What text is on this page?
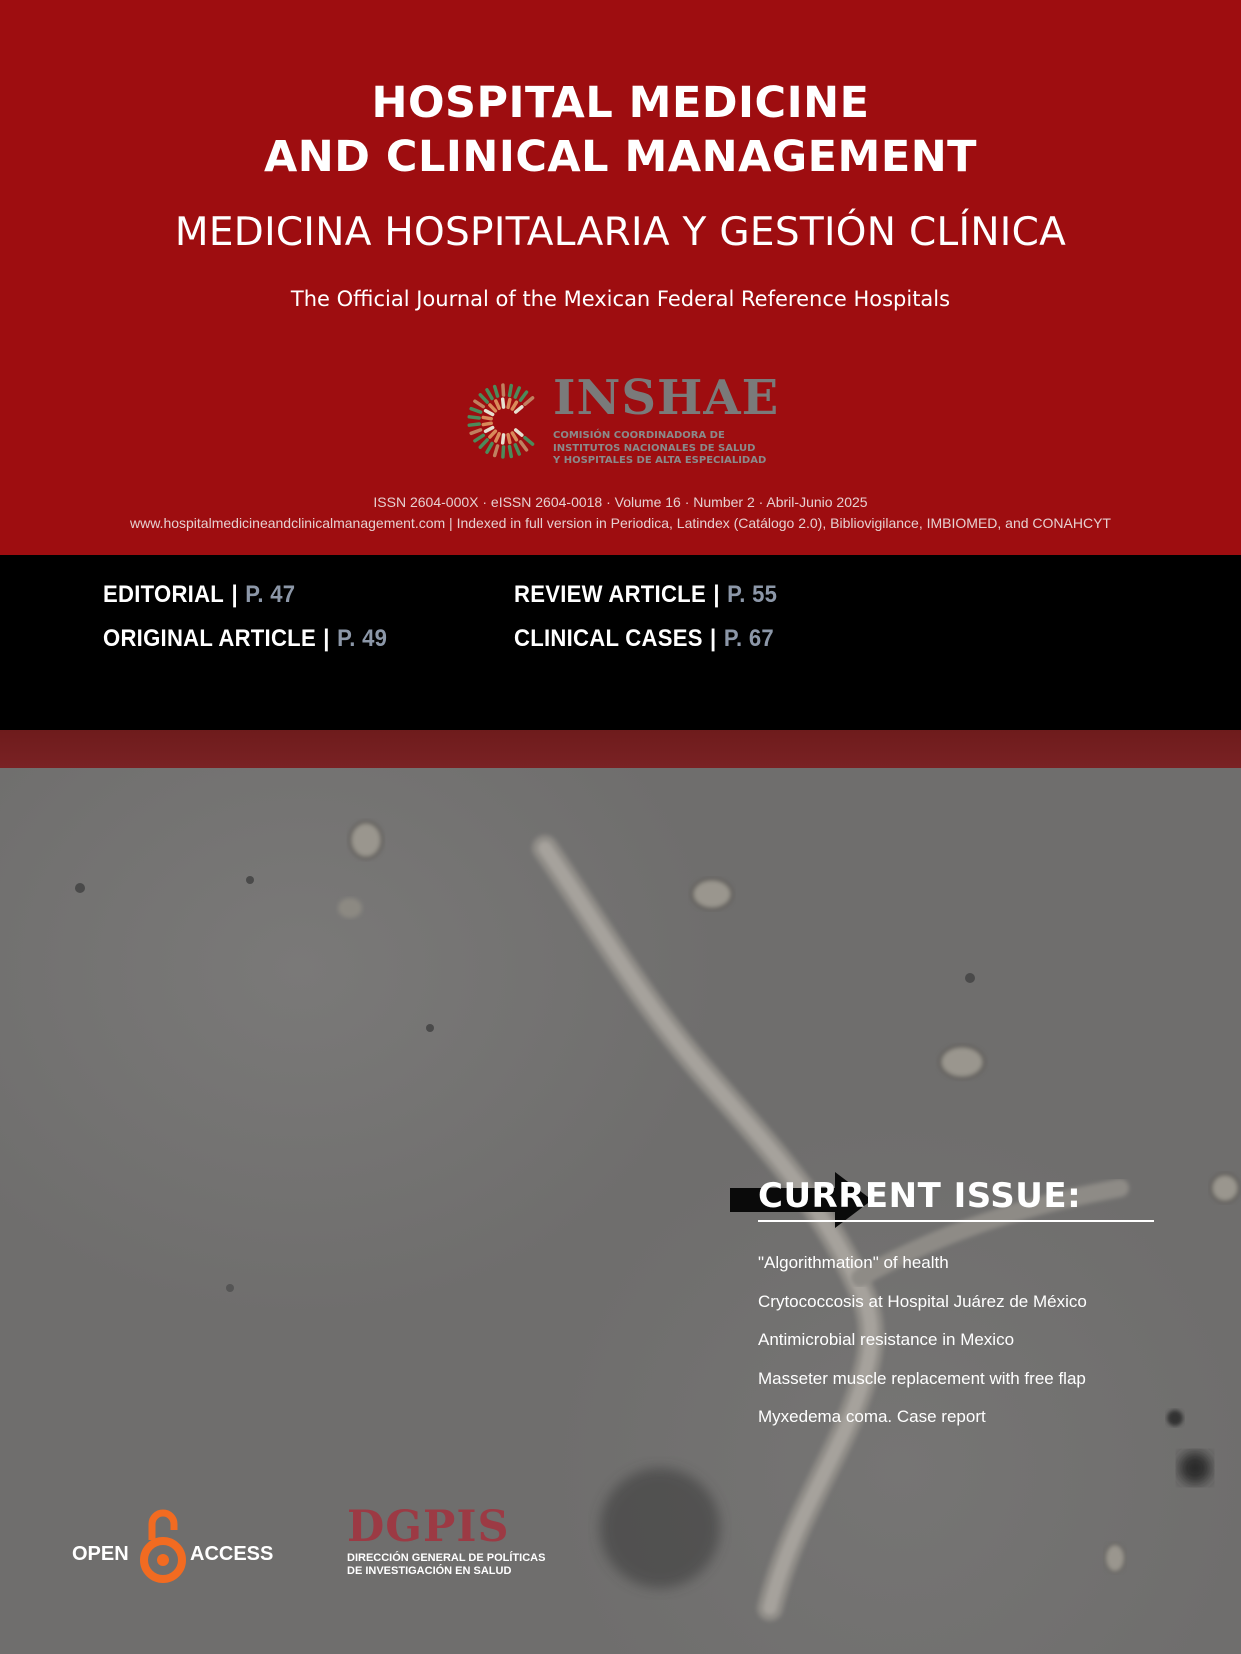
HOSPITAL MEDICINE
AND CLINICAL MANAGEMENT
MEDICINA HOSPITALARIA Y GESTIÓN CLÍNICA
The Official Journal of the Mexican Federal Reference Hospitals
INSHAE
COMISIÓN COORDINADORA DE
INSTITUTOS NACIONALES DE SALUD
Y HOSPITALES DE ALTA ESPECIALIDAD
ISSN 2604-000X · eISSN 2604-0018 · Volume 16 · Number 2 · Abril-Junio 2025
www.hospitalmedicineandclinicalmanagement.com | Indexed in full version in Periodica, Latindex (Catálogo 2.0), Bibliovigilance, IMBIOMED, and CONAHCYT
EDITORIAL | P. 47
ORIGINAL ARTICLE | P. 49
REVIEW ARTICLE | P. 55
CLINICAL CASES | P. 67
CURRENT ISSUE:
"Algorithmation" of health
Crytococcosis at Hospital Juárez de México
Antimicrobial resistance in Mexico
Masseter muscle replacement with free flap
Myxedema coma. Case report
OPEN	ACCESS
DGPIS
DIRECCIÓN GENERAL DE POLÍTICAS
DE INVESTIGACIÓN EN SALUD
